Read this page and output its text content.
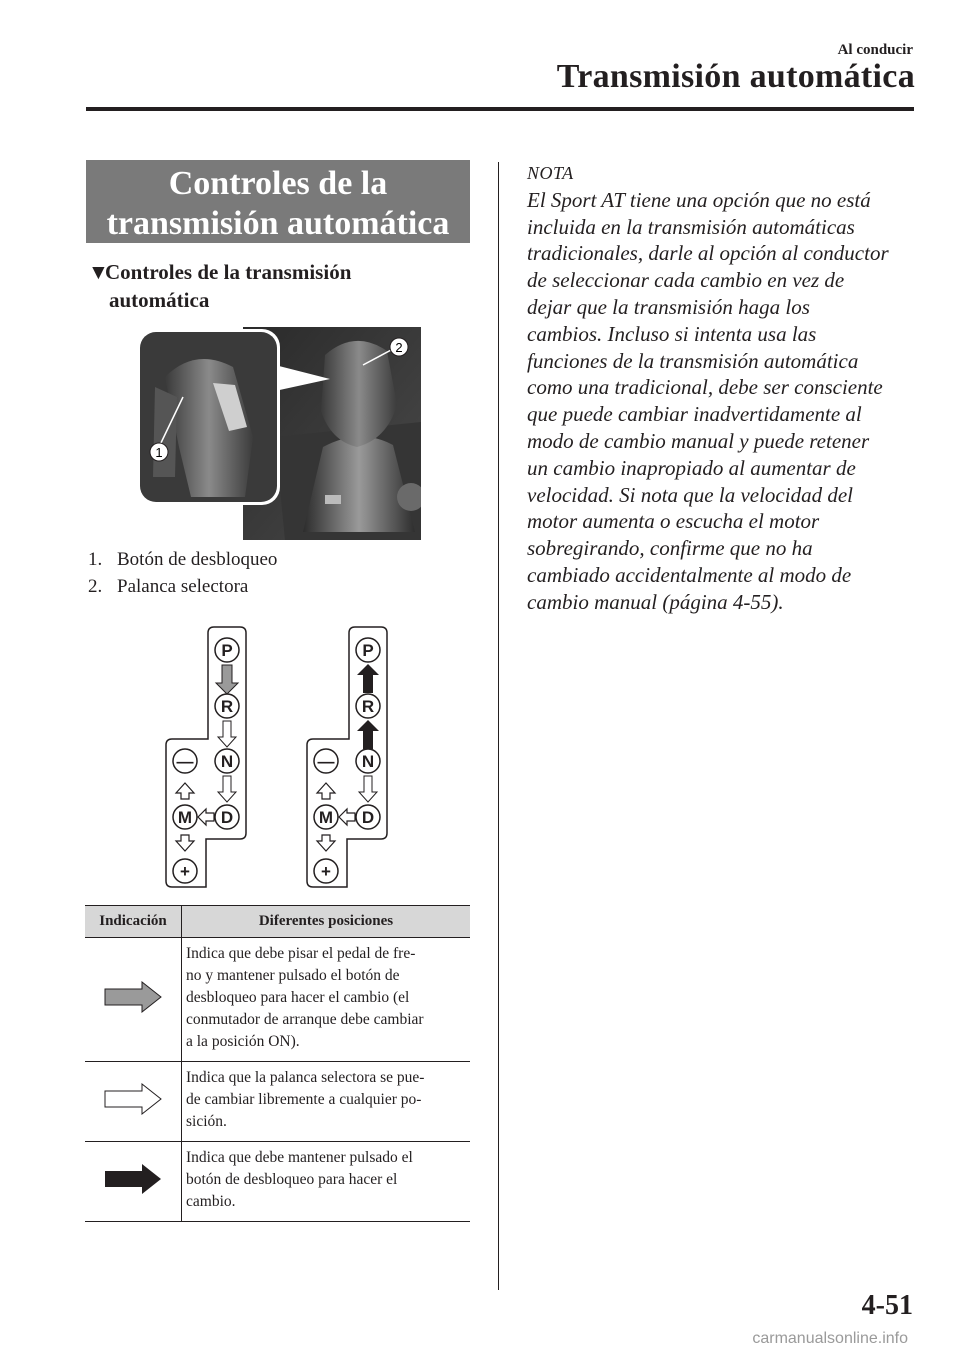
Al conducir
Transmisión automática
Controles de la
transmisión automática
▼Controles de la transmisión
automática
1
2
1. Botón de desbloqueo
2. Palanca selectora
P
R
N
D
M
—
+
P
R
N
D
M
—
+
Indicación	Diferentes posiciones

Indica que debe pisar el pedal de fre-
no y mantener pulsado el botón de
desbloqueo para hacer el cambio (el
conmutador de arranque debe cambiar
a la posición ON).

Indica que la palanca selectora se pue-
de cambiar libremente a cualquier po-
sición.

Indica que debe mantener pulsado el
botón de desbloqueo para hacer el
cambio.
NOTA
El Sport AT tiene una opción que no está
incluida en la transmisión automáticas
tradicionales, darle al opción al conductor
de seleccionar cada cambio en vez de
dejar que la transmisión haga los
cambios. Incluso si intenta usa las
funciones de la transmisión automática
como una tradicional, debe ser consciente
que puede cambiar inadvertidamente al
modo de cambio manual y puede retener
un cambio inapropiado al aumentar de
velocidad. Si nota que la velocidad del
motor aumenta o escucha el motor
sobregirando, confirme que no ha
cambiado accidentalmente al modo de
cambio manual (página 4-55).
4-51
carmanualsonline.info
